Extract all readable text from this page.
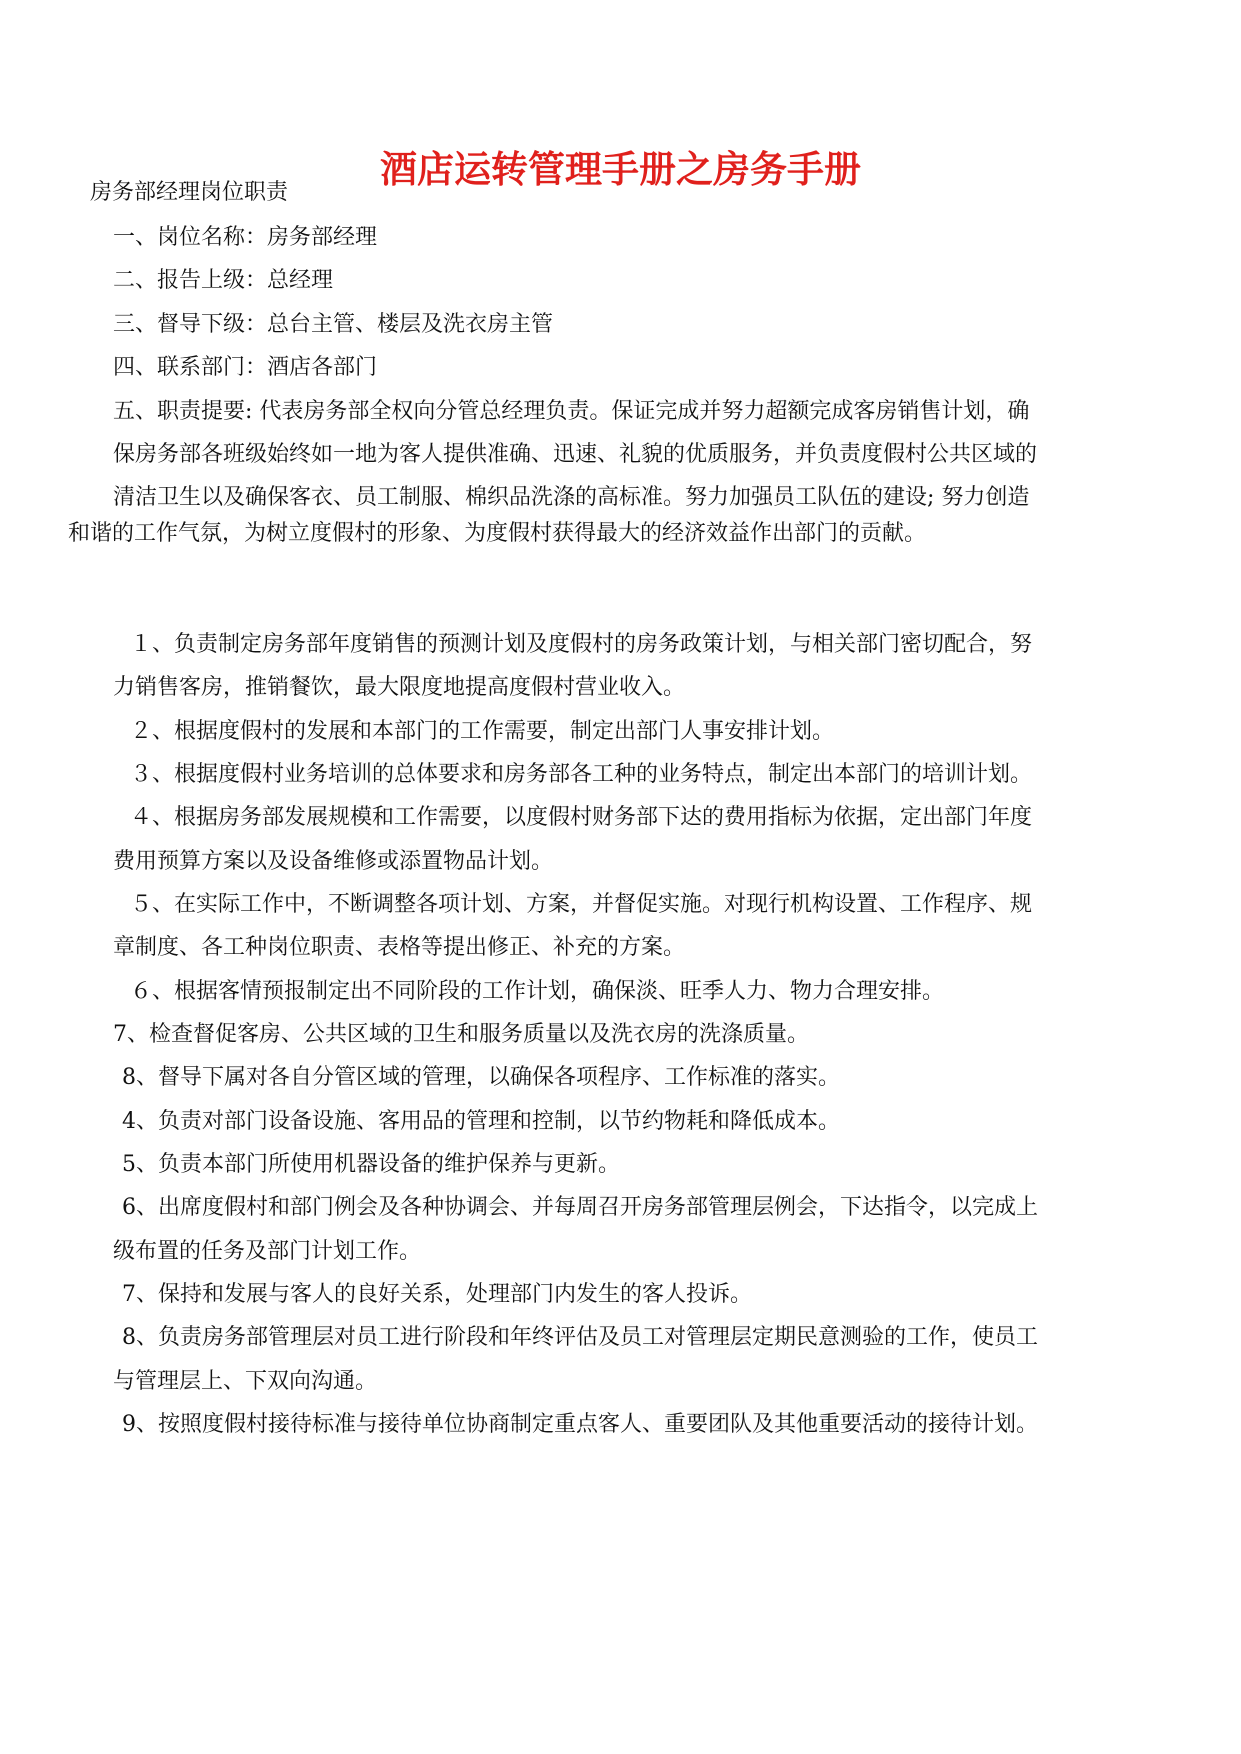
酒店运转管理手册之房务手册

房务部经理岗位职责

一、岗位名称：房务部经理

二、报告上级：总经理

三、督导下级：总台主管、楼层及洗衣房主管

四、联系部门：酒店各部门

五、职责提要: 代表房务部全权向分管总经理负责。保证完成并努力超额完成客房销售计划，确

保房务部各班级始终如一地为客人提供准确、迅速、礼貌的优质服务，并负责度假村公共区域的

清洁卫生以及确保客衣、员工制服、棉织品洗涤的高标准。努力加强员工队伍的建设; 努力创造

和谐的工作气氛，为树立度假村的形象、为度假村获得最大的经济效益作出部门的贡献。

１、负责制定房务部年度销售的预测计划及度假村的房务政策计划，与相关部门密切配合，努

力销售客房，推销餐饮，最大限度地提高度假村营业收入。

２、根据度假村的发展和本部门的工作需要，制定出部门人事安排计划。

３、根据度假村业务培训的总体要求和房务部各工种的业务特点，制定出本部门的培训计划。

４、根据房务部发展规模和工作需要，以度假村财务部下达的费用指标为依据，定出部门年度

费用预算方案以及设备维修或添置物品计划。

５、在实际工作中，不断调整各项计划、方案，并督促实施。对现行机构设置、工作程序、规

章制度、各工种岗位职责、表格等提出修正、补充的方案。

６、根据客情预报制定出不同阶段的工作计划，确保淡、旺季人力、物力合理安排。

7、检查督促客房、公共区域的卫生和服务质量以及洗衣房的洗涤质量。

8、督导下属对各自分管区域的管理，以确保各项程序、工作标准的落实。

4、负责对部门设备设施、客用品的管理和控制，以节约物耗和降低成本。

5、负责本部门所使用机器设备的维护保养与更新。

6、出席度假村和部门例会及各种协调会、并每周召开房务部管理层例会，下达指令，以完成上

级布置的任务及部门计划工作。

7、保持和发展与客人的良好关系，处理部门内发生的客人投诉。

8、负责房务部管理层对员工进行阶段和年终评估及员工对管理层定期民意测验的工作，使员工

与管理层上、下双向沟通。

9、按照度假村接待标准与接待单位协商制定重点客人、重要团队及其他重要活动的接待计划。
